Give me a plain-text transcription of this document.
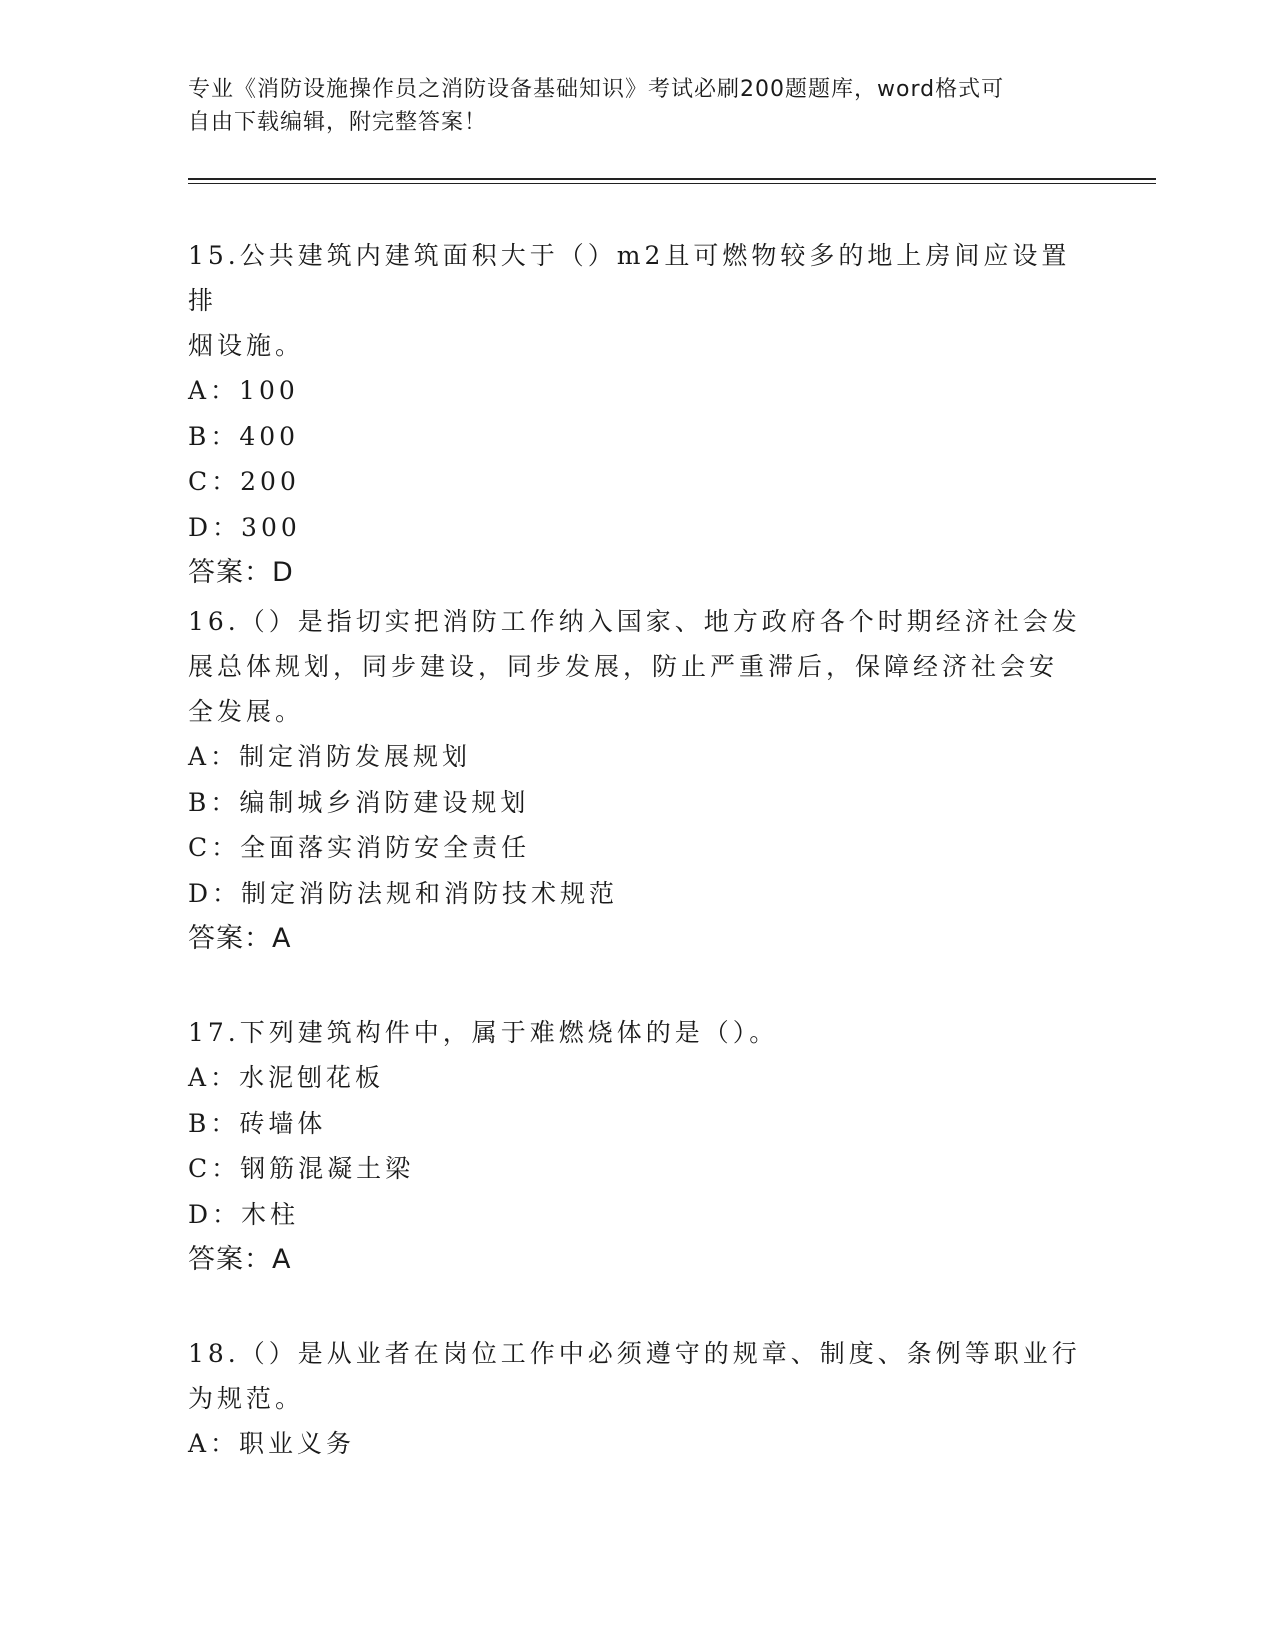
专业《消防设施操作员之消防设备基础知识》考试必刷200题题库，word格式可
自由下载编辑，附完整答案！

15.公共建筑内建筑面积大于（）m2且可燃物较多的地上房间应设置排

烟设施。

A：100

B：400

C：200

D：300

答案：D

16.（）是指切实把消防工作纳入国家、地方政府各个时期经济社会发

展总体规划，同步建设，同步发展，防止严重滞后，保障经济社会安

全发展。

A：制定消防发展规划

B：编制城乡消防建设规划

C：全面落实消防安全责任

D：制定消防法规和消防技术规范

答案：A

17.下列建筑构件中，属于难燃烧体的是（）。

A：水泥刨花板

B：砖墙体

C：钢筋混凝土梁

D：木柱

答案：A

18.（）是从业者在岗位工作中必须遵守的规章、制度、条例等职业行

为规范。

A：职业义务
